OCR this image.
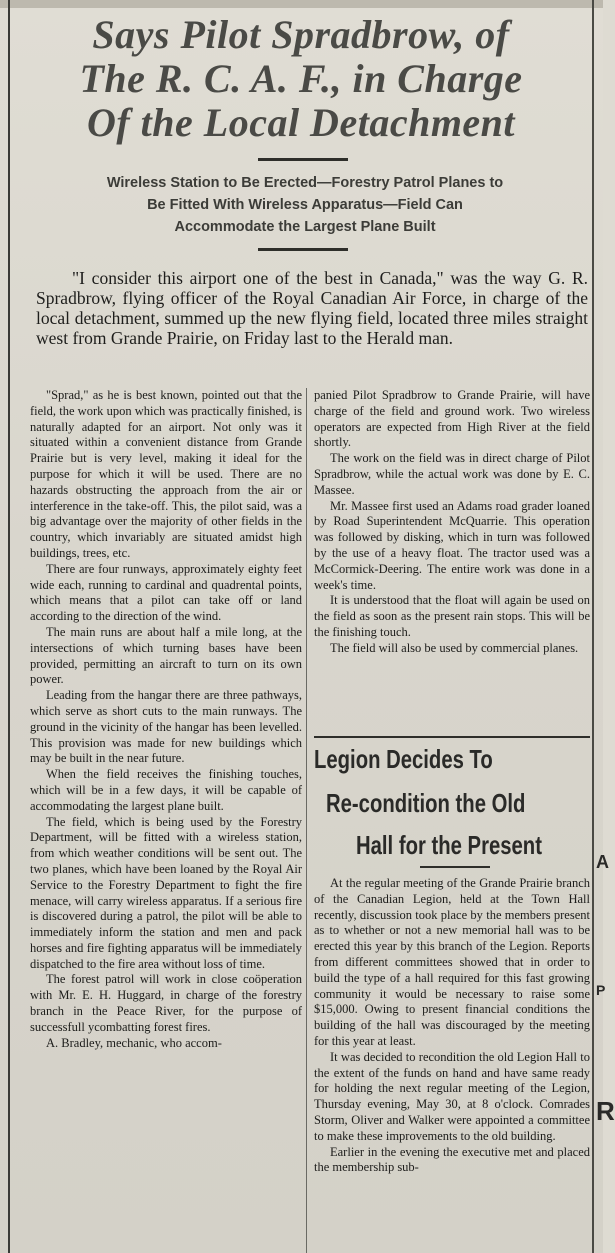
Says Pilot Spradbrow, of
The R. C. A. F., in Charge
Of the Local Detachment
Wireless Station to Be Erected—Forestry Patrol Planes to
Be Fitted With Wireless Apparatus—Field Can
Accommodate the Largest Plane Built
"I consider this airport one of the best in Canada," was the way G. R. Spradbrow, flying officer of the Royal Canadian Air Force, in charge of the local detachment, summed up the new flying field, located three miles straight west from Grande Prairie, on Friday last to the Herald man.

"Sprad," as he is best known, pointed out that the field, the work upon which was practically finished, is naturally adapted for an airport. Not only was it situated within a convenient distance from Grande Prairie but is very level, making it ideal for the purpose for which it will be used. There are no hazards obstructing the approach from the air or interference in the take-off. This, the pilot said, was a big advantage over the majority of other fields in the country, which invariably are situated amidst high buildings, trees, etc.

There are four runways, approximately eighty feet wide each, running to cardinal and quadrental points, which means that a pilot can take off or land according to the direction of the wind.

The main runs are about half a mile long, at the intersections of which turning bases have been provided, permitting an aircraft to turn on its own power.

Leading from the hangar there are three pathways, which serve as short cuts to the main runways. The ground in the vicinity of the hangar has been levelled. This provision was made for new buildings which may be built in the near future.

When the field receives the finishing touches, which will be in a few days, it will be capable of accommodating the largest plane built.

The field, which is being used by the Forestry Department, will be fitted with a wireless station, from which weather conditions will be sent out. The two planes, which have been loaned by the Royal Air Service to the Forestry Department to fight the fire menace, will carry wireless apparatus. If a serious fire is discovered during a patrol, the pilot will be able to immediately inform the station and men and pack horses and fire fighting apparatus will be immediately dispatched to the fire area without loss of time.

The forest patrol will work in close coöperation with Mr. E. H. Huggard, in charge of the forestry branch in the Peace River, for the purpose of successfull ycombatting forest fires.

A. Bradley, mechanic, who accom-

panied Pilot Spradbrow to Grande Prairie, will have charge of the field and ground work. Two wireless operators are expected from High River at the field shortly.

The work on the field was in direct charge of Pilot Spradbrow, while the actual work was done by E. C. Massee.

Mr. Massee first used an Adams road grader loaned by Road Superintendent McQuarrie. This operation was followed by disking, which in turn was followed by the use of a heavy float. The tractor used was a McCormick-Deering. The entire work was done in a week's time.

It is understood that the float will again be used on the field as soon as the present rain stops. This will be the finishing touch.

The field will also be used by commercial planes.

Legion Decides To
Re-condition the Old
Hall for the Present

At the regular meeting of the Grande Prairie branch of the Canadian Legion, held at the Town Hall recently, discussion took place by the members present as to whether or not a new memorial hall was to be erected this year by this branch of the Legion. Reports from different committees showed that in order to build the type of a hall required for this fast growing community it would be necessary to raise some $15,000. Owing to present financial conditions the building of the hall was discouraged by the meeting for this year at least.

It was decided to recondition the old Legion Hall to the extent of the funds on hand and have same ready for holding the next regular meeting of the Legion, Thursday evening, May 30, at 8 o'clock. Comrades Storm, Oliver and Walker were appointed a committee to make these improvements to the old building.

Earlier in the evening the executive met and placed the membership sub-

A
P
R
